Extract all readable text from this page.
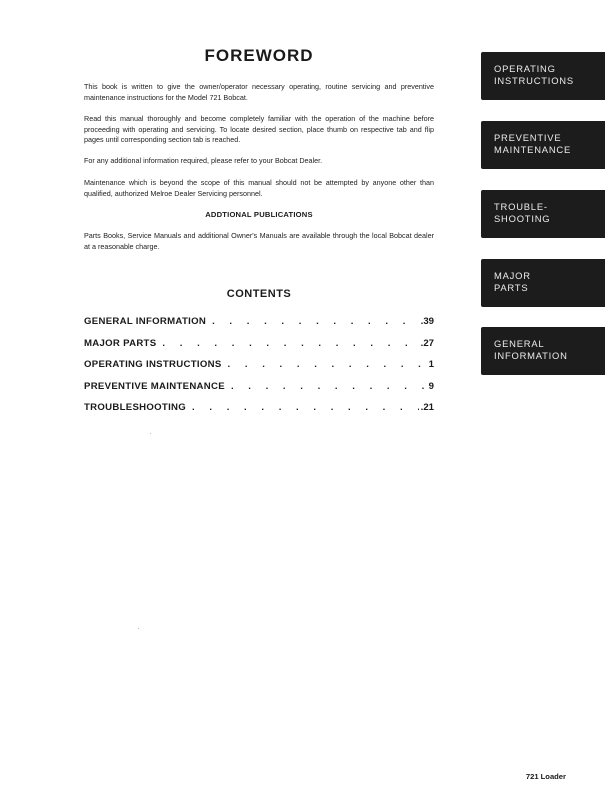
FOREWORD

This book is written to give the owner/operator necessary operating, routine servicing and preventive maintenance instructions for the Model 721 Bobcat.

Read this manual thoroughly and become completely familiar with the operation of the machine before proceeding with operating and servicing. To locate desired section, place thumb on respective tab and flip pages until corresponding section tab is reached.

For any additional information required, please refer to your Bobcat Dealer.

Maintenance which is beyond the scope of this manual should not be attempted by anyone other than qualified, authorized Melroe Dealer Servicing personnel.

ADDTIONAL PUBLICATIONS

Parts Books, Service Manuals and additional Owner's Manuals are available through the local Bobcat dealer at a reasonable charge.

CONTENTS
GENERAL INFORMATION . . .	.39
MAJOR PARTS . . .	.27
OPERATING INSTRUCTIONS . . .	1
PREVENTIVE MAINTENANCE . . .	9
TROUBLESHOOTING . . .	.21
OPERATING
INSTRUCTIONS
PREVENTIVE
MAINTENANCE
TROUBLE-
SHOOTING
MAJOR
PARTS
GENERAL
INFORMATION

721 Loader
